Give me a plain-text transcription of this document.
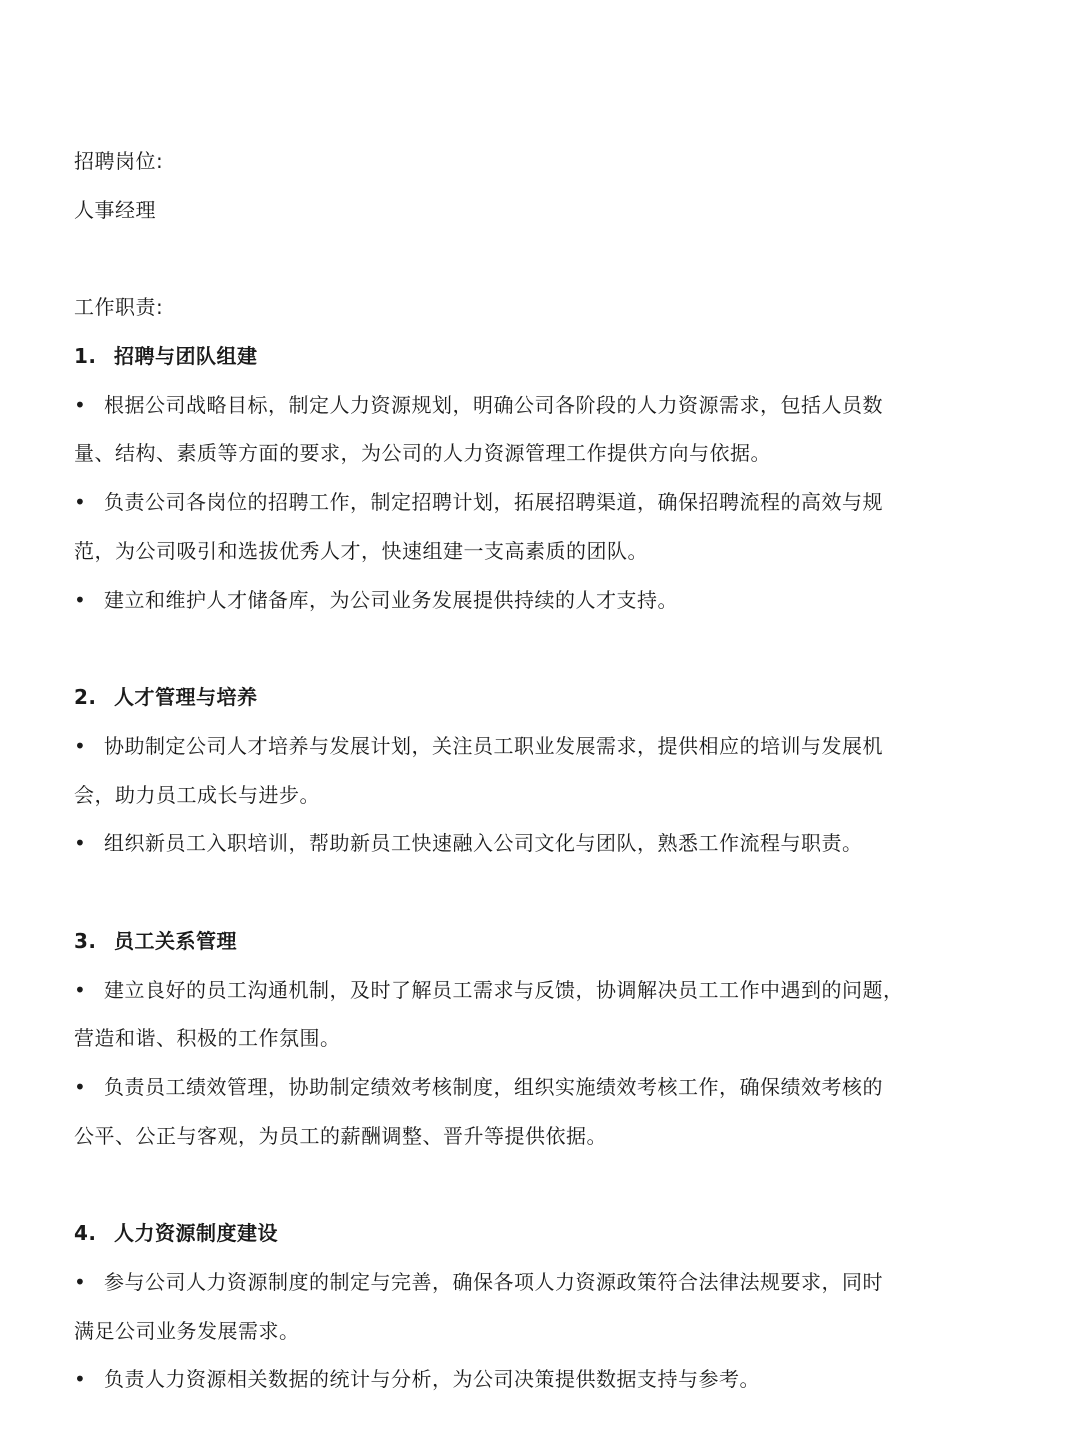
招聘岗位:
人事经理
工作职责:
1. 招聘与团队组建
• 根据公司战略目标，制定人力资源规划，明确公司各阶段的人力资源需求，包括人员数
量、结构、素质等方面的要求，为公司的人力资源管理工作提供方向与依据。
• 负责公司各岗位的招聘工作，制定招聘计划，拓展招聘渠道，确保招聘流程的高效与规
范，为公司吸引和选拔优秀人才，快速组建一支高素质的团队。
• 建立和维护人才储备库，为公司业务发展提供持续的人才支持。
2. 人才管理与培养
• 协助制定公司人才培养与发展计划，关注员工职业发展需求，提供相应的培训与发展机
会，助力员工成长与进步。
• 组织新员工入职培训，帮助新员工快速融入公司文化与团队，熟悉工作流程与职责。
3. 员工关系管理
• 建立良好的员工沟通机制，及时了解员工需求与反馈，协调解决员工工作中遇到的问题，
营造和谐、积极的工作氛围。
• 负责员工绩效管理，协助制定绩效考核制度，组织实施绩效考核工作，确保绩效考核的
公平、公正与客观，为员工的薪酬调整、晋升等提供依据。
4. 人力资源制度建设
• 参与公司人力资源制度的制定与完善，确保各项人力资源政策符合法律法规要求，同时
满足公司业务发展需求。
• 负责人力资源相关数据的统计与分析，为公司决策提供数据支持与参考。
